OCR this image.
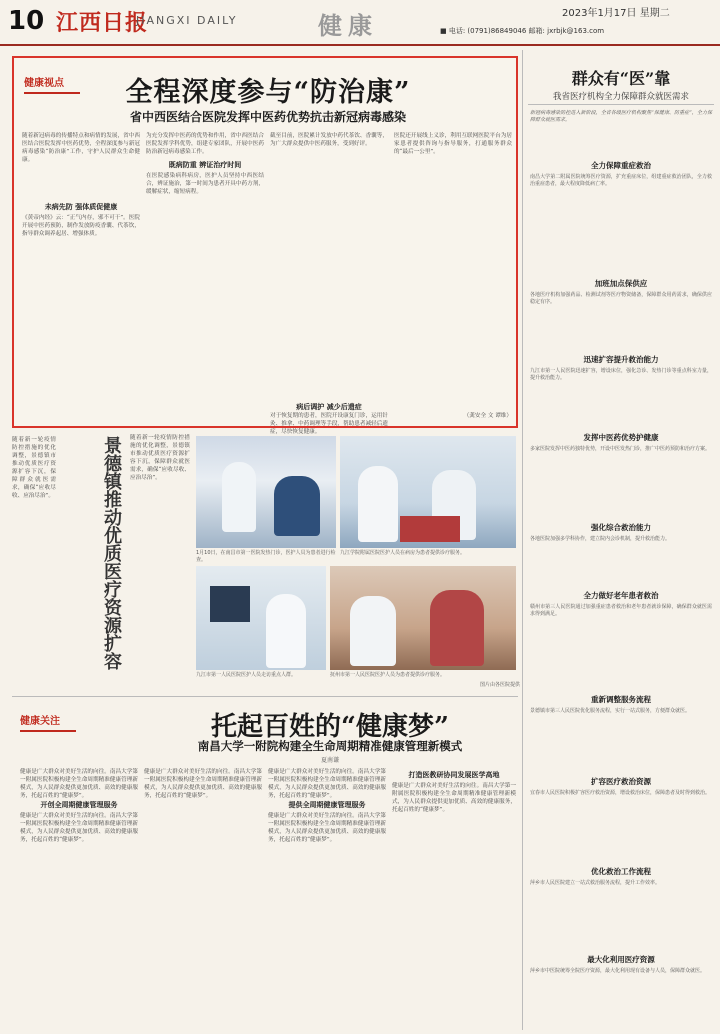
10 江西日报
JIANGXI DAILY	健康	2023年1月17日 星期二
■ 电话: (0791)86849046 邮箱: jxrbjk@163.com
健康视点	全程深度参与“防治康”
省中西医结合医院发挥中医药优势抗击新冠病毒感染
随着新冠病毒的传播特点和病情的发展，省中西医结合医院发挥中医药优势，全程深度参与新冠病毒感染“防治康”工作，守护人民群众生命健康。
未病先防 强体质促健康
《黄帝内经》云：“正气内存，邪不可干”。医院开展中医药预防，制作发放防疫香囊、代茶饮，指导群众调养起居、增强体质。
为充分发挥中医药的优势和作用，省中西医结合医院发挥学科优势，组建专家团队，开展中医药防治新冠病毒感染工作。
既病防重 辨证治疗时间
在医院感染病科病房，医护人员坚持中西医结合，辨证施治，第一时间为患者开具中药方剂，缓解症状，缩短病程。
截至目前，医院累计发放中药代茶饮、香囊等，为广大群众提供中医药服务，受到好评。
病后调护 减少后遗症
对于恢复期的患者，医院开设康复门诊，运用针灸、推拿、中药调理等手段，帮助患者减轻后遗症，尽快恢复健康。
医院还开展线上义诊，利用互联网医院平台为居家患者提供咨询与指导服务，打通服务群众的“最后一公里”。
（龚安全 文 谭维）
群众有“医”靠
我省医疗机构全力保障群众就医需求
新冠病毒感染防控进入新阶段，全省各级医疗机构聚焦“保健康、防重症”，全力保障群众就医需求。
全力保障重症救治
南昌大学第二附属医院统筹医疗资源，扩充重症床位，组建重症救治团队，全力救治重症患者，最大程度降低病亡率。
加班加点保供应
各地医疗机构加强药品、检测试剂等医疗物资储备，保障群众用药需求，确保供应稳定有序。
迅速扩容提升救治能力
九江市第一人民医院迅速扩容，增设床位，强化急诊、发热门诊等重点科室力量，提升救治能力。
发挥中医药优势护健康
多家医院发挥中医药独特优势，开设中医发热门诊，推广中医药预防和治疗方案。
强化综合救治能力
各地医院加强多学科协作，建立院内会诊机制，提升救治能力。
全力做好老年患者救治
赣州市第三人民医院通过加强重症患者救治和老年患者就诊保障，确保群众就医需求得到满足。
重新调整服务流程
景德镇市第三人民医院优化服务流程，实行一站式服务，方便群众就医。
扩容医疗救治资源
宜春市人民医院积极扩容医疗救治资源，增设救治床位，保障患者及时得到救治。
优化救治工作流程
萍乡市人民医院建立一站式救治服务流程，提升工作效率。
最大化利用医疗资源
萍乡市中医院统筹全院医疗资源，最大化利用现有设备与人员，保障群众就医。
景德镇推动优质医疗资源扩容 随着新一轮疫情防控措施的优化调整，景德镇市推动优质医疗资源扩容下沉，保障群众就医需求，确保“应收尽收、应治尽治”。
随着新一轮疫情防控措施的优化调整，景德镇市推动优质医疗资源扩容下沉，保障群众就医需求，确保“应收尽收、应治尽治”。
1月10日，在南昌市第一医院发热门诊，医护人员为患者进行检查。
九江学院附属医院医护人员在病房为患者提供诊疗服务。
九江市第一人民医院医护人员走访重点人群。	抚州市第一人民医院医护人员为患者提供诊疗服务。
图片由各医院提供
健康关注	托起百姓的“健康梦”
南昌大学一附院构建全生命周期精准健康管理新模式
夏南谦
健康是广大群众对美好生活的向往。南昌大学第一附属医院积极构建全生命周期精准健康管理新模式，为人民群众提供更加优质、高效的健康服务，托起百姓的“健康梦”。
开创全周期健康管理服务
健康是广大群众对美好生活的向往。南昌大学第一附属医院积极构建全生命周期精准健康管理新模式，为人民群众提供更加优质、高效的健康服务，托起百姓的“健康梦”。
健康是广大群众对美好生活的向往。南昌大学第一附属医院积极构建全生命周期精准健康管理新模式，为人民群众提供更加优质、高效的健康服务，托起百姓的“健康梦”。
提供全周期健康管理服务
健康是广大群众对美好生活的向往。南昌大学第一附属医院积极构建全生命周期精准健康管理新模式，为人民群众提供更加优质、高效的健康服务，托起百姓的“健康梦”。
健康是广大群众对美好生活的向往。南昌大学第一附属医院积极构建全生命周期精准健康管理新模式，为人民群众提供更加优质、高效的健康服务，托起百姓的“健康梦”。
打造医教研协同发展医学高地
健康是广大群众对美好生活的向往。南昌大学第一附属医院积极构建全生命周期精准健康管理新模式，为人民群众提供更加优质、高效的健康服务，托起百姓的“健康梦”。
